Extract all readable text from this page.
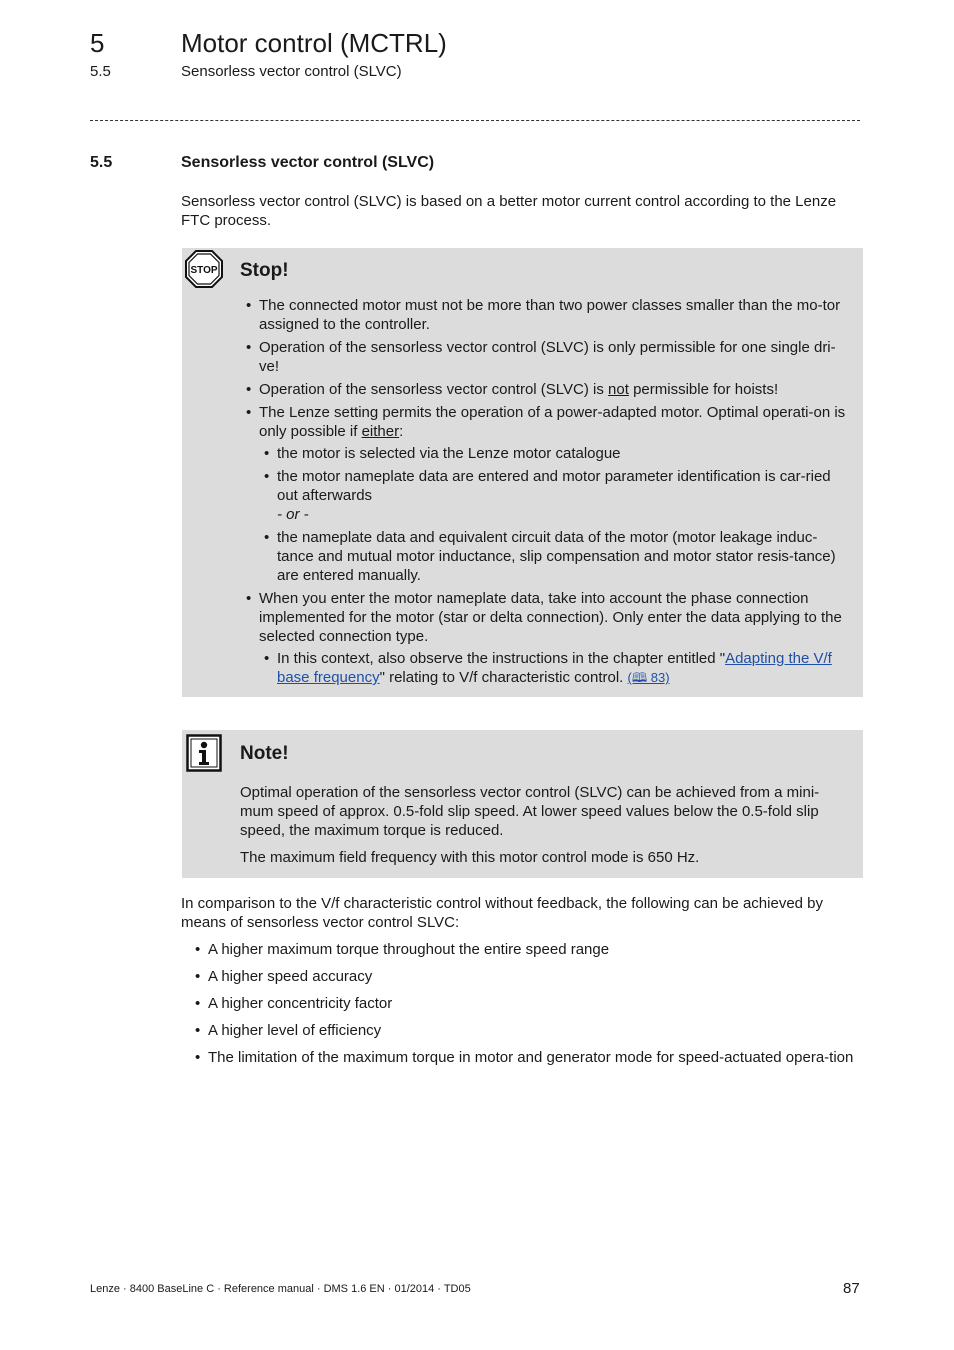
5	Motor control (MCTRL)
5.5	Sensorless vector control (SLVC)
5.5	Sensorless vector control (SLVC)
Sensorless vector control (SLVC) is based on a better motor current control according to the Lenze FTC process.
STOP Stop!
• The connected motor must not be more than two power classes smaller than the mo-tor assigned to the controller.
• Operation of the sensorless vector control (SLVC) is only permissible for one single dri-ve!
• Operation of the sensorless vector control (SLVC) is not permissible for hoists!
• The Lenze setting permits the operation of a power-adapted motor. Optimal operati-on is only possible if either:
• the motor is selected via the Lenze motor catalogue
• the motor nameplate data are entered and motor parameter identification is car-ried out afterwards
- or -
• the nameplate data and equivalent circuit data of the motor (motor leakage induc-tance and mutual motor inductance, slip compensation and motor stator resis-tance) are entered manually.
• When you enter the motor nameplate data, take into account the phase connection implemented for the motor (star or delta connection). Only enter the data applying to the selected connection type.
• In this context, also observe the instructions in the chapter entitled "Adapting the V/f base frequency" relating to V/f characteristic control. (🕮 83)
Note!

Optimal operation of the sensorless vector control (SLVC) can be achieved from a mini-mum speed of approx. 0.5-fold slip speed. At lower speed values below the 0.5-fold slip speed, the maximum torque is reduced.

The maximum field frequency with this motor control mode is 650 Hz.

In comparison to the V/f characteristic control without feedback, the following can be achieved by means of sensorless vector control SLVC:
• A higher maximum torque throughout the entire speed range
• A higher speed accuracy
• A higher concentricity factor
• A higher level of efficiency
• The limitation of the maximum torque in motor and generator mode for speed-actuated opera-tion
Lenze · 8400 BaseLine C · Reference manual · DMS 1.6 EN · 01/2014 · TD05	87
